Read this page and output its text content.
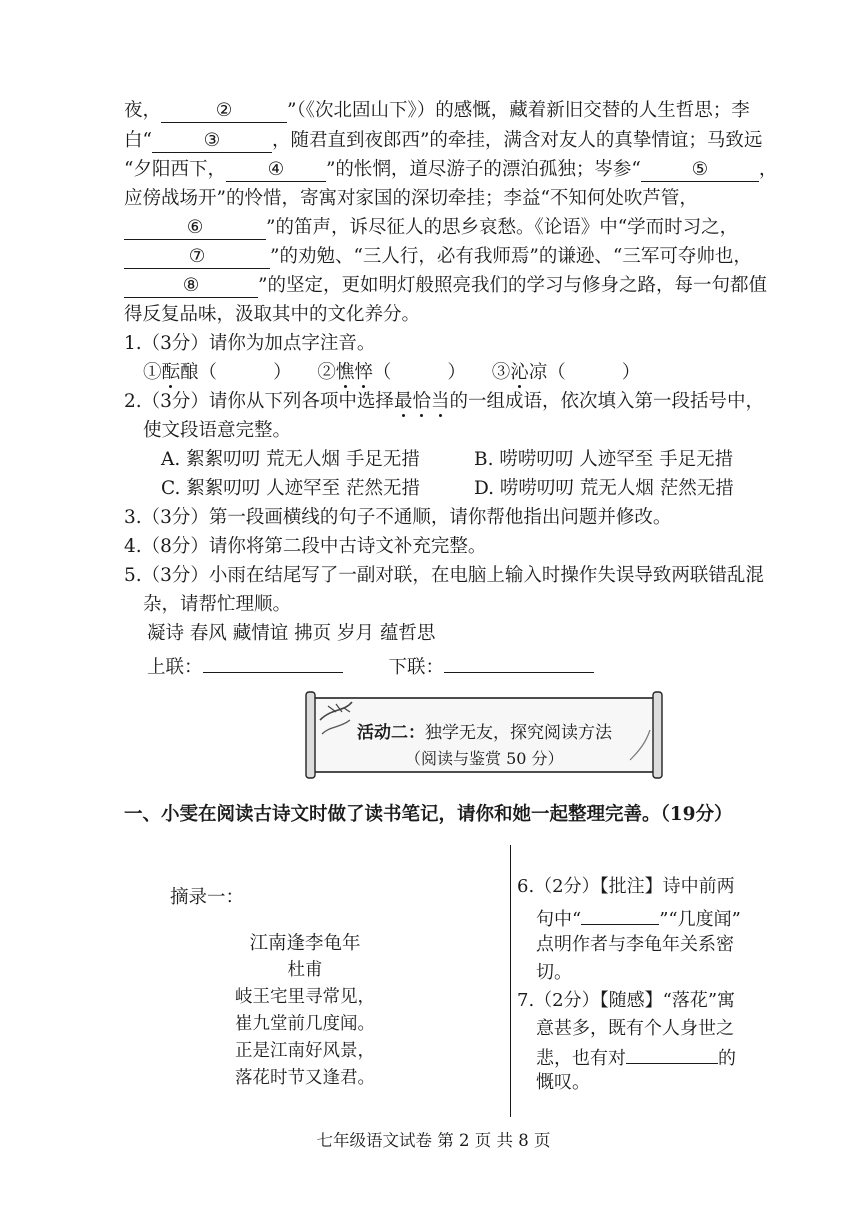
夜，	②	”（《次北固山下》）的感慨，藏着新旧交替的人生哲思；李
白“	③	，随君直到夜郎西”的牵挂，满含对友人的真挚情谊；马致远
“夕阳西下， ④ ”的怅惘，道尽游子的漂泊孤独；岑参“	⑤	，
应傍战场开”的怜惜，寄寓对家国的深切牵挂；李益“不知何处吹芦管，
⑥	”的笛声，诉尽征人的思乡哀愁。《论语》中“学而时习之，
⑦	”的劝勉、“三人行，必有我师焉”的谦逊、“三军可夺帅也，
⑧	”的坚定，更如明灯般照亮我们的学习与修身之路，每一句都值
得反复品味，汲取其中的文化养分。
1.（3分）请你为加点字注音。
①酝酿（	） ②憔悴（	） ③沁凉（	）
2.（3分）请你从下列各项中选择最恰当的一组成语，依次填入第一段括号中，
使文段语意完整。
A. 絮絮叨叨 荒无人烟 手足无措	B. 唠唠叨叨 人迹罕至 手足无措
C. 絮絮叨叨 人迹罕至 茫然无措	D. 唠唠叨叨 荒无人烟 茫然无措
3.（3分）第一段画横线的句子不通顺，请你帮他指出问题并修改。
4.（8分）请你将第二段中古诗文补充完整。
5.（3分）小雨在结尾写了一副对联，在电脑上输入时操作失误导致两联错乱混
杂，请帮忙理顺。
凝诗 春风 藏情谊 拂页 岁月 蕴哲思
上联：	下联：
活动二：独学无友，探究阅读方法
（阅读与鉴赏 50 分）
一、小雯在阅读古诗文时做了读书笔记，请你和她一起整理完善。（19分）
摘录一：
江南逢李龟年
杜甫
岐王宅里寻常见，
崔九堂前几度闻。
正是江南好风景，
落花时节又逢君。
6.（2分）【批注】诗中前两
句中“	”“几度闻”
点明作者与李龟年关系密
切。
7.（2分）【随感】“落花”寓
意甚多，既有个人身世之
悲，也有对	的
慨叹。
七年级语文试卷 第 2 页 共 8 页
